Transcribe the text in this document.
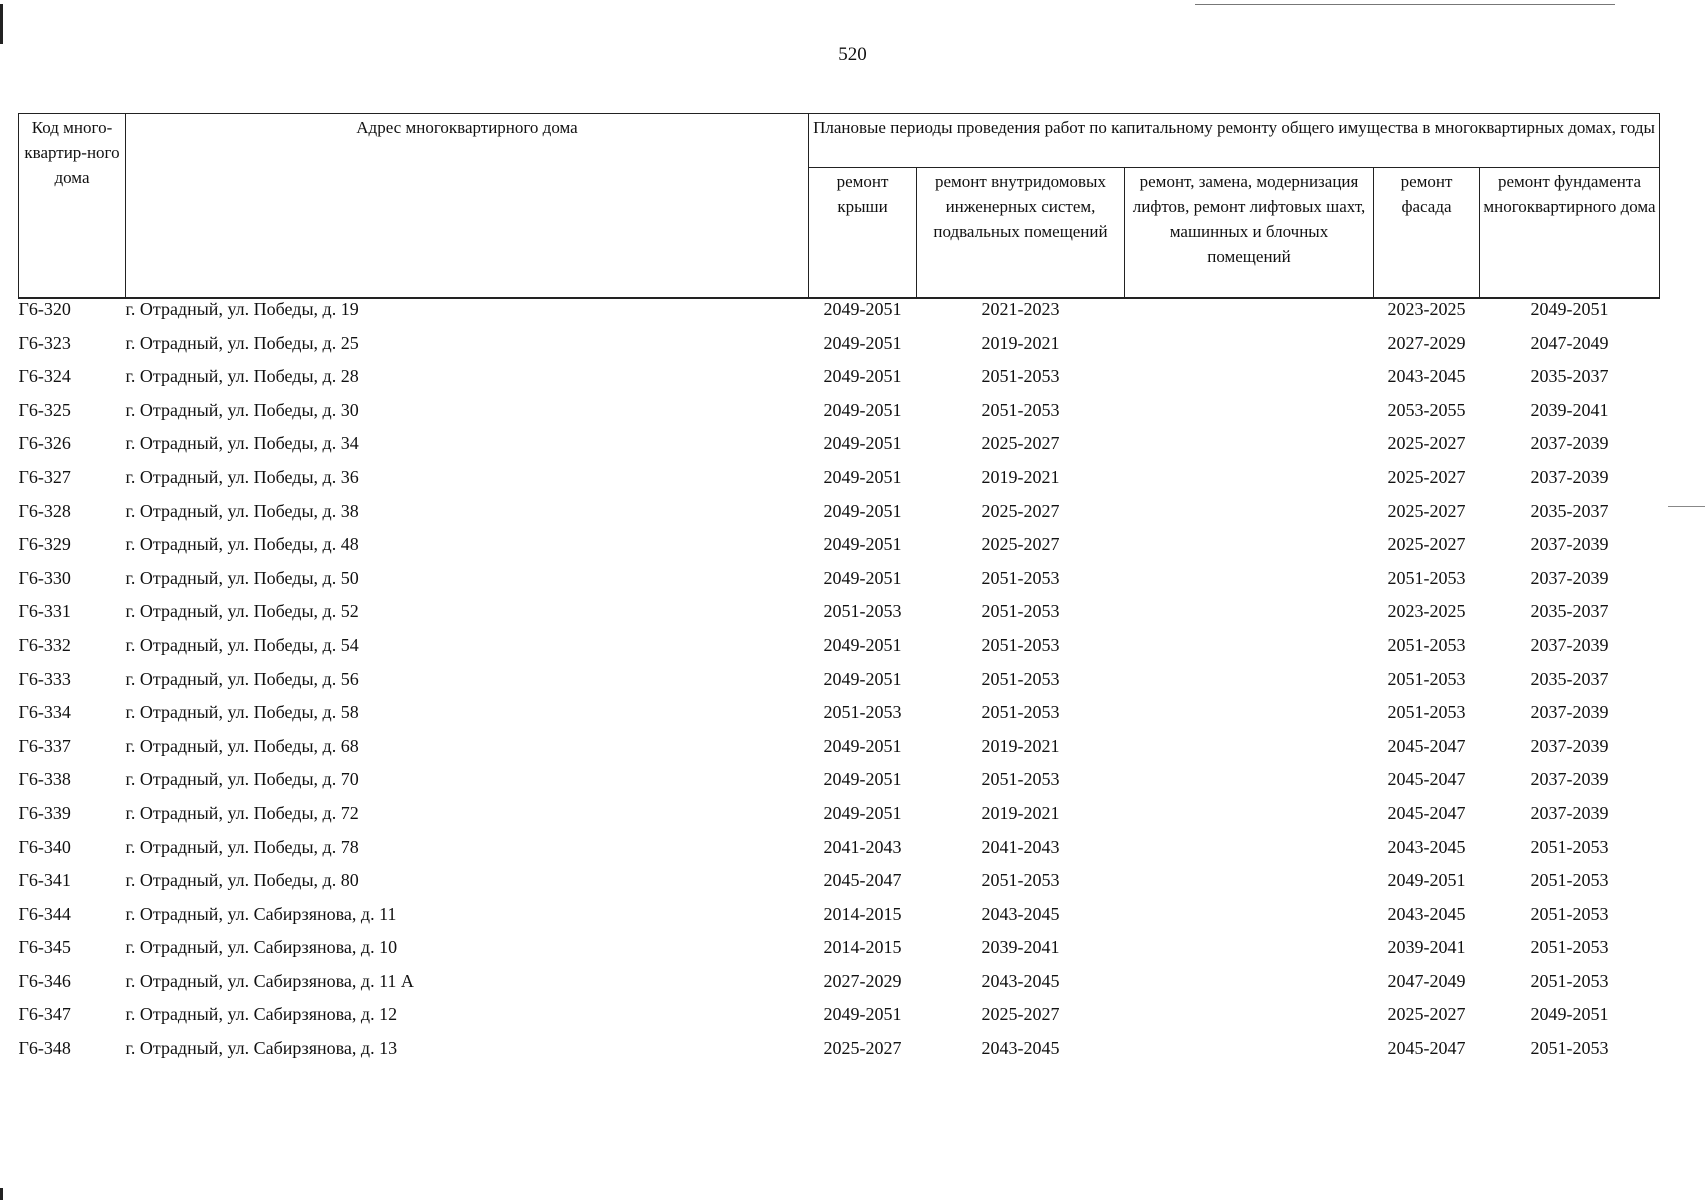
520
Код много-квартир-ного дома	Адрес многоквартирного дома	Плановые периоды проведения работ по капитальному ремонту общего имущества в многоквартирных домах, годы				
		ремонт крыши	ремонт внутридомовых инженерных систем, подвальных помещений	ремонт, замена, модернизация лифтов, ремонт лифтовых шахт, машинных и блочных помещений	ремонт фасада	ремонт фундамента многоквартирного дома
Г6-320	г. Отрадный, ул. Победы, д. 19	2049-2051	2021-2023		2023-2025	2049-2051
Г6-323	г. Отрадный, ул. Победы, д. 25	2049-2051	2019-2021		2027-2029	2047-2049
Г6-324	г. Отрадный, ул. Победы, д. 28	2049-2051	2051-2053		2043-2045	2035-2037
Г6-325	г. Отрадный, ул. Победы, д. 30	2049-2051	2051-2053		2053-2055	2039-2041
Г6-326	г. Отрадный, ул. Победы, д. 34	2049-2051	2025-2027		2025-2027	2037-2039
Г6-327	г. Отрадный, ул. Победы, д. 36	2049-2051	2019-2021		2025-2027	2037-2039
Г6-328	г. Отрадный, ул. Победы, д. 38	2049-2051	2025-2027		2025-2027	2035-2037
Г6-329	г. Отрадный, ул. Победы, д. 48	2049-2051	2025-2027		2025-2027	2037-2039
Г6-330	г. Отрадный, ул. Победы, д. 50	2049-2051	2051-2053		2051-2053	2037-2039
Г6-331	г. Отрадный, ул. Победы, д. 52	2051-2053	2051-2053		2023-2025	2035-2037
Г6-332	г. Отрадный, ул. Победы, д. 54	2049-2051	2051-2053		2051-2053	2037-2039
Г6-333	г. Отрадный, ул. Победы, д. 56	2049-2051	2051-2053		2051-2053	2035-2037
Г6-334	г. Отрадный, ул. Победы, д. 58	2051-2053	2051-2053		2051-2053	2037-2039
Г6-337	г. Отрадный, ул. Победы, д. 68	2049-2051	2019-2021		2045-2047	2037-2039
Г6-338	г. Отрадный, ул. Победы, д. 70	2049-2051	2051-2053		2045-2047	2037-2039
Г6-339	г. Отрадный, ул. Победы, д. 72	2049-2051	2019-2021		2045-2047	2037-2039
Г6-340	г. Отрадный, ул. Победы, д. 78	2041-2043	2041-2043		2043-2045	2051-2053
Г6-341	г. Отрадный, ул. Победы, д. 80	2045-2047	2051-2053		2049-2051	2051-2053
Г6-344	г. Отрадный, ул. Сабирзянова, д. 11	2014-2015	2043-2045		2043-2045	2051-2053
Г6-345	г. Отрадный, ул. Сабирзянова, д. 10	2014-2015	2039-2041		2039-2041	2051-2053
Г6-346	г. Отрадный, ул. Сабирзянова, д. 11 А	2027-2029	2043-2045		2047-2049	2051-2053
Г6-347	г. Отрадный, ул. Сабирзянова, д. 12	2049-2051	2025-2027		2025-2027	2049-2051
Г6-348	г. Отрадный, ул. Сабирзянова, д. 13	2025-2027	2043-2045		2045-2047	2051-2053
